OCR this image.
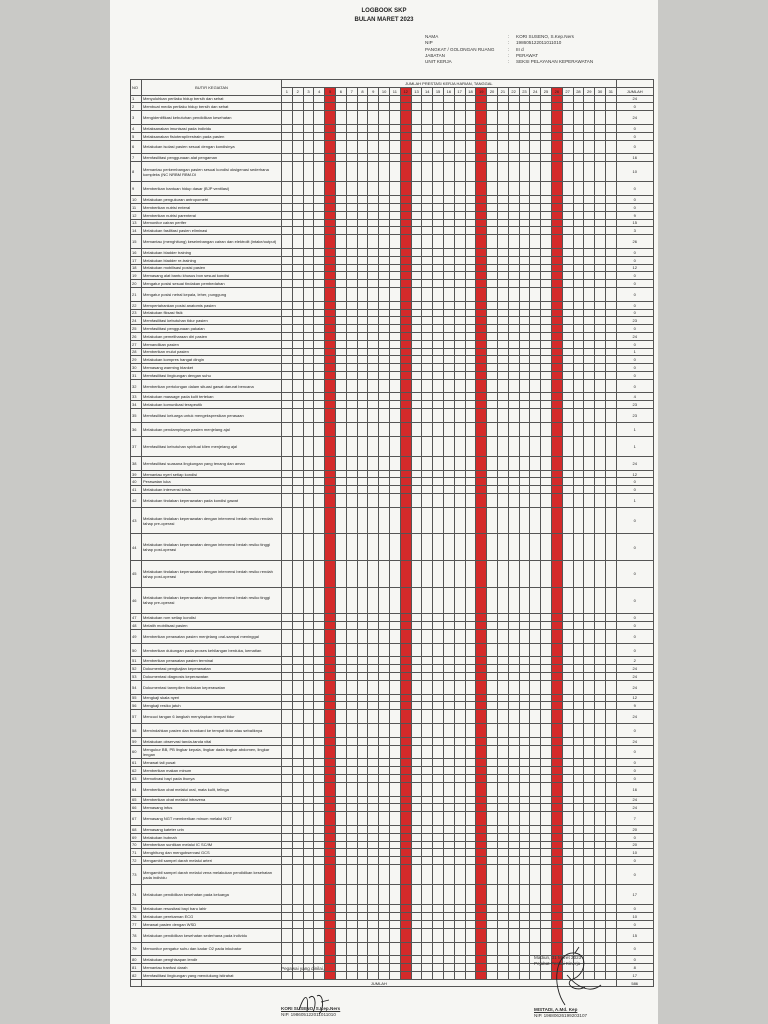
LOGBOOK SKP
BULAN MARET 2023
NAMA	:	KORI SUSENO, S.Kep.Ners
NIP	:	198605122011011010
PANGKAT / GOLONGAN RUANG	:	III d
JABATAN	:	PERAWAT
UNIT KERJA	:	SEKSI PELAYANAN KEPERAWATAN
NO	BUTIR KEGIATAN	JUMLAH PRESTASI KERJA HARIAN, TANGGAL																															
		1	2	3	4	5	6	7	8	9	10	11	12	13	14	15	16	17	18	19	20	21	22	23	24	25	26	27	28	29	30	31	JUMLAH
1	Menyuluhkan perilaku hidup bersih dan sehat																																24
2	Membuat media perilaku hidup bersih dan sehat																																0
3	Mengidentifikasi kebutuhan pendidikan kesehatan																																24
4	Melaksanakan imunisasi pada individu																																0
5	Melaksanakan fisioterapi/restrain pada pasien																																0
6	Melakukan isolasi pasien sesuai dengan kondisinya																																0
7	Memfasilitasi penggunaan alat pengaman																																16
8	Memantau perkembangan pasien sesuai kondisi oksigenasi sederhana kompleks (NC NRBM RBM.DI																																10
9	Memberikan bantuan hidup dasar (BJP ventilasi)																																0
10	Melakukan pengukuran antropometri																																0
11	Memberikan nutrisi enteral																																0
12	Memberikan nutrisi parenteral																																9
13	Memonitor cairan perifer																																15
14	Melakukan fasilitasi pasien eliminasi																																3
15	Memantau (menghitung) keseimbangan cairan dan elektrolit (intake/output)																																26
16	Melakukan bladder training																																0
17	Melakukan bladder re-training																																0
18	Melakukan mobilisasi posisi pasien																																12
19	Memasang alat bantu khusus bon sesuai kondisi																																0
20	Mengatur posisi sesuai tindakan pembedahan																																0
21	Mengatur posisi netral kepala, leher, punggung																																0
22	Mempertahankan posisi anatomis pasien																																0
23	Melakukan fiksasi fisik																																0
24	Memfasilitasi kebutuhan tidur pasien																																23
25	Memfasilitasi penggunaan pakaian																																0
26	Melakukan pemeliharaan diri pasien																																24
27	Memandikan pasien																																0
28	Memberikan mulut pasien																																1
29	Melakukan kompres hangat dingin																																0
30	Memasang warming blanket																																0
31	Memfasilitasi lingkungan dengan suhu																																0
32	Memberikan pertolongan dalam situasi gawat darurat bencana																																0
33	Melakukan massage pada kulit tertekan																																4
34	Melakukan komunikasi terapeutik																																23
35	Memfasilitasi keluarga untuk mengekspresikan perasaan																																23
36	Melakukan pendampingan pasien menjelang ajal																																1
37	Memfasilitasi kebutuhan spiritual klien menjelang ajal																																1
38	Memfasilitasi suasana lingkungan yang tenang dan aman																																24
39	Memantau nyeri setiap kondisi																																12
40	Perawatan luka																																0
41	Melakukan intervensi krisis																																0
42	Melakukan tindakan keperawatan pada kondisi gawat																																1
43	Melakukan tindakan keperawatan dengan intervensi bedah resiko rendah tahap pre-operasi																																0
44	Melakukan tindakan keperawatan dengan intervensi bedah resiko tinggi tahap post-operasi																																0
45	Melakukan tindakan keperawatan dengan intervensi bedah resiko rendah tahap post-operasi																																0
46	Melakukan tindakan keperawatan dengan intervensi bedah resiko tinggi tahap pre-operasi																																0
47	Melakukan rom setiap kondisi																																0
48	Melatih mobilisasi pasien																																0
49	Memberikan perawatan pasien menjelang oral-sampai meninggal																																0
50	Memberikan dukungan pada proses kehilangan berduka, kematian																																0
51	Memberikan perawatan pasien terminal																																2
52	Dokumentasi pengkajian keperawatan																																24
53	Dokumentasi diagnosis keperawatan																																24
54	Dokumentasi tanmplien tindakan keperawatan																																24
55	Mengkaji skala nyeri																																12
56	Mengkaji resiko jatuh																																9
57	Mencuci tangan 6 langkah menyiapkan tempat tidur																																24
58	Memindahkan pasien dan brankard ke tempat tidur atau sebaliknya																																0
59	Melakukan observasi tanda-tanda vital																																24
60	Mengukur BB, PB lingkar kepala, lingkar dada lingkar abdomen, lingkar lengan																																0
61	Merawat tali pusat																																0
62	Memberikan makan minum																																0
63	Memotivasi bayi pada ibunya																																0
64	Memberikan obat melalui oral, mata kulit, telinga																																16
65	Memberikan obat melalui intravena																																24
66	Memasang infus																																24
67	Memasang NGT memberikan minum melalui NGT																																7
68	Memasang kateter urin																																20
69	Melakukan bubnah																																0
70	Memberikan suntikan melalui IC SC/IM																																20
71	Menghitung dan mengobservasi GCS																																10
72	Mengambil sampel darah melalui arteri																																0
73	Mengambil sampel darah melalui vena melakukan pendidikan kesehatan pada individu																																0
74	Melakukan pendidikan kesehatan pada keluarga																																17
75	Melakukan resusitasi bayi baru lahir																																0
76	Melakukan perekaman ECG																																10
77	Merawat pasien dengan WSD																																0
78	Melakukan pendidikan kesehatan sederhana pada individu																																15
79	Memonitor pengatur suhu dan kadar O2 pada inkubator																																0
80	Melakukan penghisapan lendir																																0
81	Memantau tranfusi darah																																8
82	Memfasilitasi lingkungan yang mendukung istirahat																																17
	JUMLAH																																586
Pegawai yang dinilai,
KORI SUSENO, S.Kep.Ners
NIP. 198605122011011010
Madiun, 31 Maret 2023
Pejabat Penilai Kinerja
MISTADI, A.Md. Kep
NIP. 19680626199203107
